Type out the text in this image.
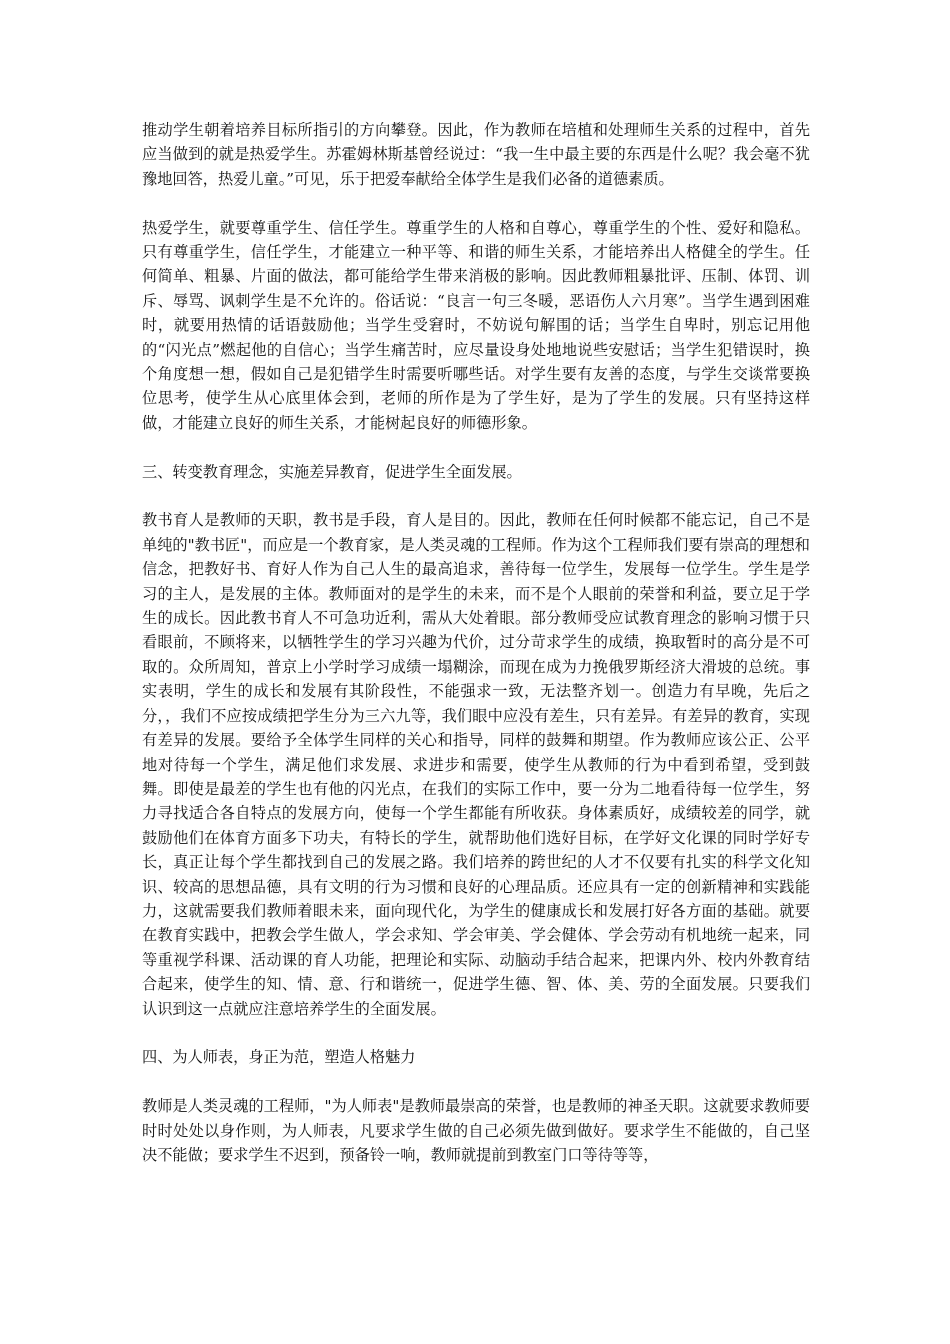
推动学生朝着培养目标所指引的方向攀登。因此，作为教师在培植和处理师生关系的过程中，首先应当做到的就是热爱学生。苏霍姆林斯基曾经说过：“我一生中最主要的东西是什么呢？我会毫不犹豫地回答，热爱儿童。”可见，乐于把爱奉献给全体学生是我们必备的道德素质。

热爱学生，就要尊重学生、信任学生。尊重学生的人格和自尊心，尊重学生的个性、爱好和隐私。只有尊重学生，信任学生，才能建立一种平等、和谐的师生关系，才能培养出人格健全的学生。任何简单、粗暴、片面的做法，都可能给学生带来消极的影响。因此教师粗暴批评、压制、体罚、训斥、辱骂、讽刺学生是不允许的。俗话说：“良言一句三冬暖，恶语伤人六月寒”。当学生遇到困难时，就要用热情的话语鼓励他；当学生受窘时，不妨说句解围的话；当学生自卑时，别忘记用他的“闪光点”燃起他的自信心；当学生痛苦时，应尽量设身处地地说些安慰话；当学生犯错误时，换个角度想一想，假如自己是犯错学生时需要听哪些话。对学生要有友善的态度，与学生交谈常要换位思考，使学生从心底里体会到，老师的所作是为了学生好，是为了学生的发展。只有坚持这样做，才能建立良好的师生关系，才能树起良好的师德形象。

三、转变教育理念，实施差异教育，促进学生全面发展。

教书育人是教师的天职，教书是手段，育人是目的。因此，教师在任何时候都不能忘记，自己不是单纯的"教书匠"，而应是一个教育家，是人类灵魂的工程师。作为这个工程师我们要有崇高的理想和信念，把教好书、育好人作为自己人生的最高追求，善待每一位学生，发展每一位学生。学生是学习的主人，是发展的主体。教师面对的是学生的未来，而不是个人眼前的荣誉和利益，要立足于学生的成长。因此教书育人不可急功近利，需从大处着眼。部分教师受应试教育理念的影响习惯于只看眼前，不顾将来，以牺牲学生的学习兴趣为代价，过分苛求学生的成绩，换取暂时的高分是不可取的。众所周知，普京上小学时学习成绩一塌糊涂，而现在成为力挽俄罗斯经济大滑坡的总统。事实表明，学生的成长和发展有其阶段性，不能强求一致，无法整齐划一。创造力有早晚，先后之分，，我们不应按成绩把学生分为三六九等，我们眼中应没有差生，只有差异。有差异的教育，实现有差异的发展。要给予全体学生同样的关心和指导，同样的鼓舞和期望。作为教师应该公正、公平地对待每一个学生，满足他们求发展、求进步和需要，使学生从教师的行为中看到希望，受到鼓舞。即使是最差的学生也有他的闪光点，在我们的实际工作中，要一分为二地看待每一位学生，努力寻找适合各自特点的发展方向，使每一个学生都能有所收获。身体素质好，成绩较差的同学，就鼓励他们在体育方面多下功夫，有特长的学生，就帮助他们选好目标，在学好文化课的同时学好专长，真正让每个学生都找到自己的发展之路。我们培养的跨世纪的人才不仅要有扎实的科学文化知识、较高的思想品德，具有文明的行为习惯和良好的心理品质。还应具有一定的创新精神和实践能力，这就需要我们教师着眼未来，面向现代化，为学生的健康成长和发展打好各方面的基础。就要在教育实践中，把教会学生做人，学会求知、学会审美、学会健体、学会劳动有机地统一起来，同等重视学科课、活动课的育人功能，把理论和实际、动脑动手结合起来，把课内外、校内外教育结合起来，使学生的知、情、意、行和谐统一，促进学生德、智、体、美、劳的全面发展。只要我们认识到这一点就应注意培养学生的全面发展。

四、为人师表，身正为范，塑造人格魅力

教师是人类灵魂的工程师，"为人师表"是教师最崇高的荣誉，也是教师的神圣天职。这就要求教师要时时处处以身作则，为人师表，凡要求学生做的自己必须先做到做好。要求学生不能做的，自己坚决不能做；要求学生不迟到，预备铃一响，教师就提前到教室门口等待等等，
